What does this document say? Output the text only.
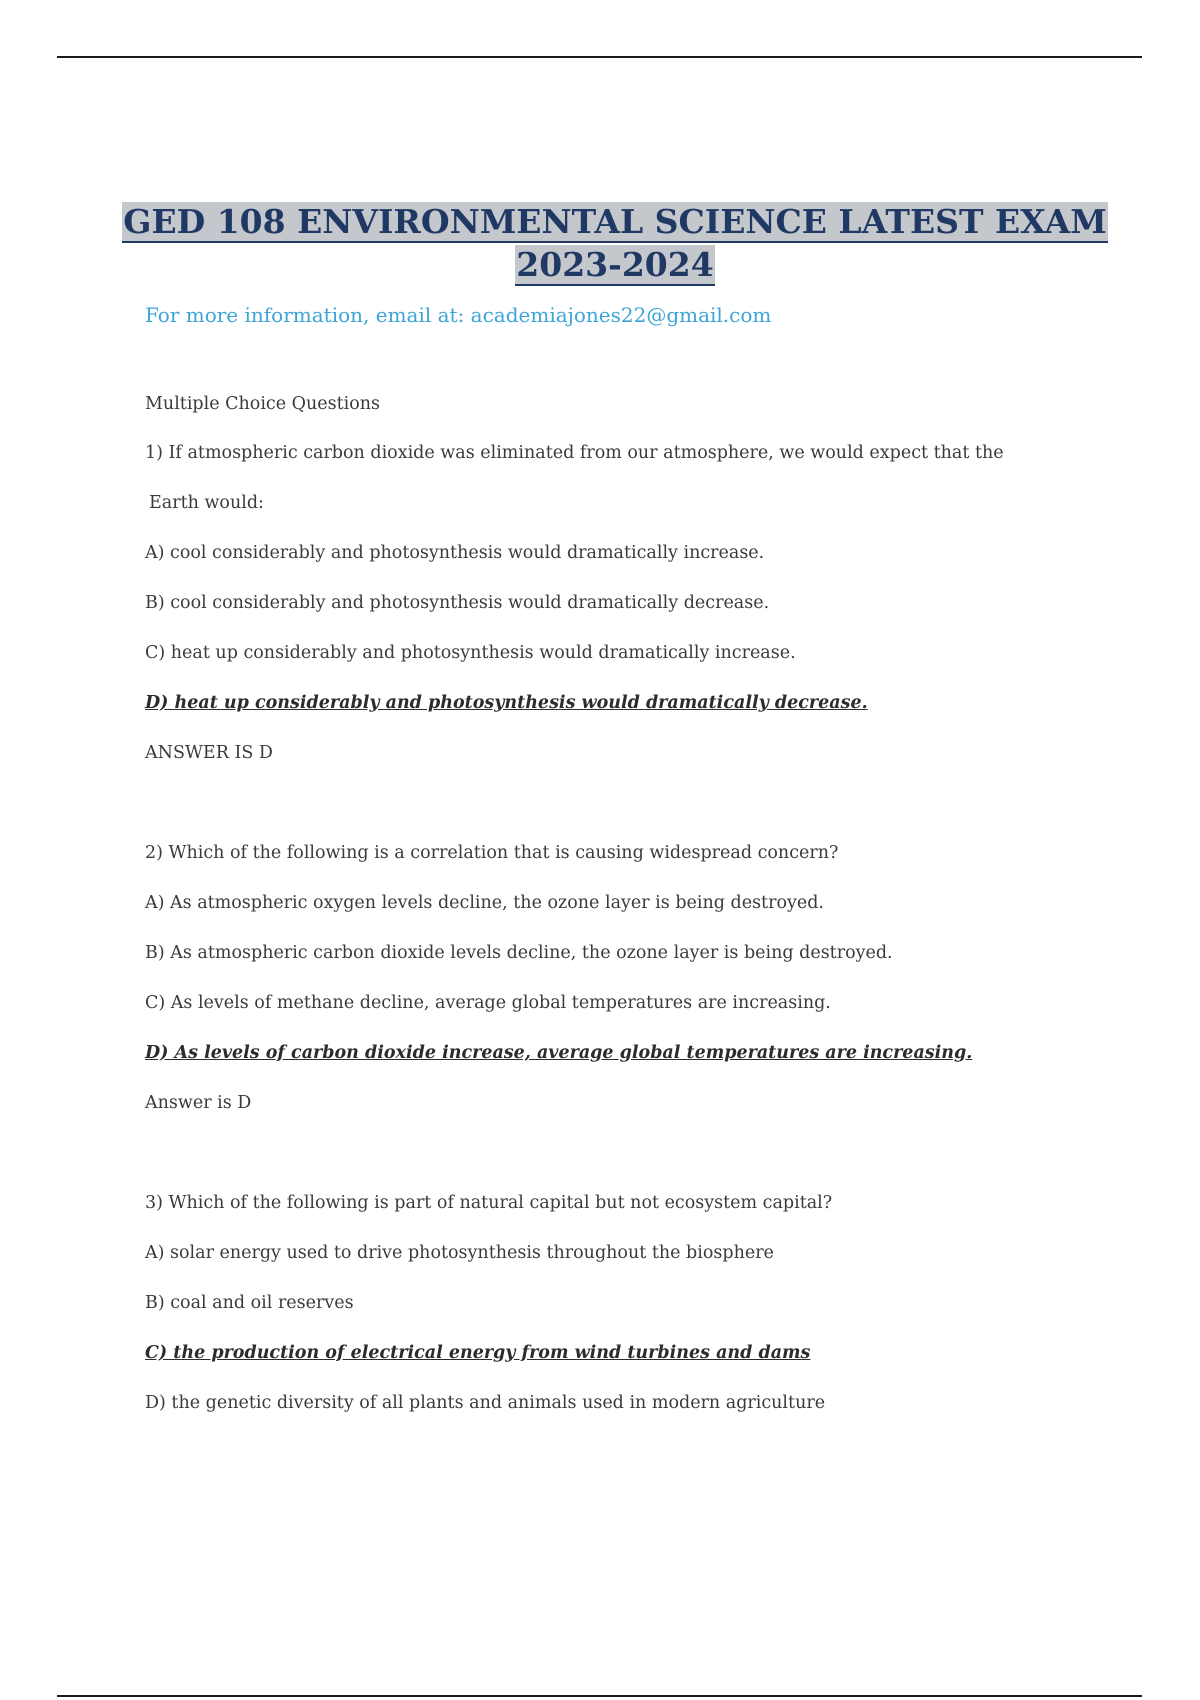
GED 108 ENVIRONMENTAL SCIENCE LATEST EXAM
2023-2024
For more information, email at: academiajones22@gmail.com
Multiple Choice Questions
1) If atmospheric carbon dioxide was eliminated from our atmosphere, we would expect that the
Earth would:
A) cool considerably and photosynthesis would dramatically increase.
B) cool considerably and photosynthesis would dramatically decrease.
C) heat up considerably and photosynthesis would dramatically increase.
D) heat up considerably and photosynthesis would dramatically decrease.
ANSWER IS D
2) Which of the following is a correlation that is causing widespread concern?
A) As atmospheric oxygen levels decline, the ozone layer is being destroyed.
B) As atmospheric carbon dioxide levels decline, the ozone layer is being destroyed.
C) As levels of methane decline, average global temperatures are increasing.
D) As levels of carbon dioxide increase, average global temperatures are increasing.
Answer is D
3) Which of the following is part of natural capital but not ecosystem capital?
A) solar energy used to drive photosynthesis throughout the biosphere
B) coal and oil reserves
C) the production of electrical energy from wind turbines and dams
D) the genetic diversity of all plants and animals used in modern agriculture
